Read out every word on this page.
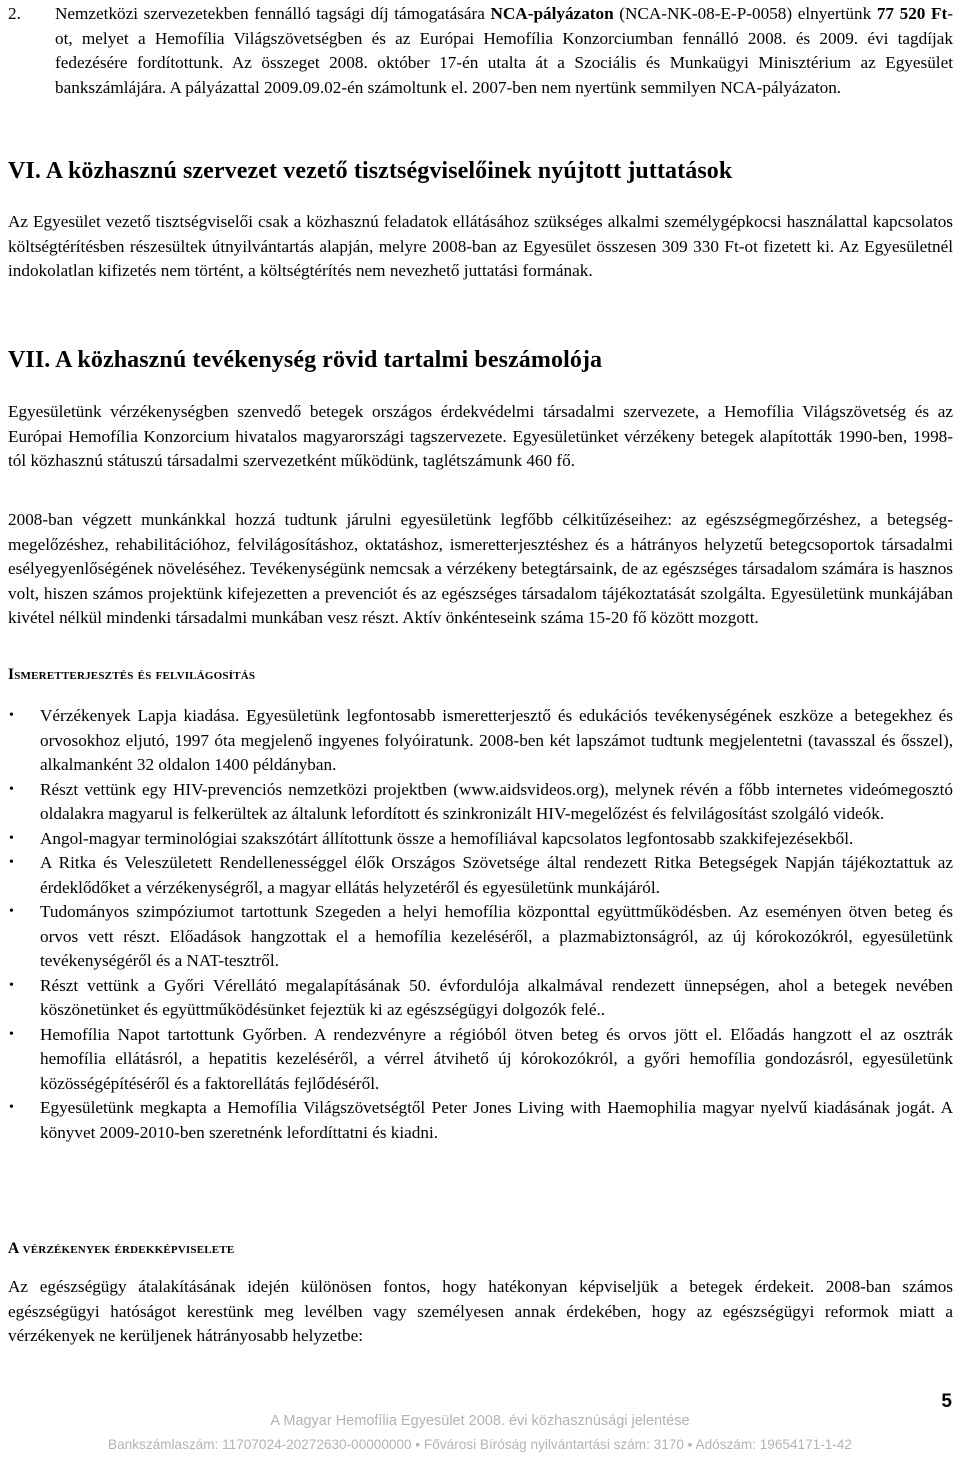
2. Nemzetközi szervezetekben fennálló tagsági díj támogatására NCA-pályázaton (NCA-NK-08-E-P-0058) elnyertünk 77 520 Ft-ot, melyet a Hemofília Világszövetségben és az Európai Hemofília Konzorciumban fennálló 2008. és 2009. évi tagdíjak fedezésére fordítottunk. Az összeget 2008. október 17-én utalta át a Szociális és Munkaügyi Minisztérium az Egyesület bankszámlájára. A pályázattal 2009.09.02-én számoltunk el. 2007-ben nem nyertünk semmilyen NCA-pályázaton.
VI. A közhasznú szervezet vezető tisztségviselőinek nyújtott juttatások

Az Egyesület vezető tisztségviselői csak a közhasznú feladatok ellátásához szükséges alkalmi személygépkocsi használattal kapcsolatos költségtérítésben részesültek útnyilvántartás alapján, melyre 2008-ban az Egyesület összesen 309 330 Ft-ot fizetett ki. Az Egyesületnél indokolatlan kifizetés nem történt, a költségtérítés nem nevezhető juttatási formának.

VII. A közhasznú tevékenység rövid tartalmi beszámolója

Egyesületünk vérzékenységben szenvedő betegek országos érdekvédelmi társadalmi szervezete, a Hemofília Világszövetség és az Európai Hemofília Konzorcium hivatalos magyarországi tagszervezete. Egyesületünket vérzékeny betegek alapították 1990-ben, 1998-tól közhasznú státuszú társadalmi szervezetként működünk, taglétszámunk 460 fő.

2008-ban végzett munkánkkal hozzá tudtunk járulni egyesületünk legfőbb célkitűzéseihez: az egészségmegőrzéshez, a betegség-megelőzéshez, rehabilitációhoz, felvilágosításhoz, oktatáshoz, ismeretterjesztéshez és a hátrányos helyzetű betegcsoportok társadalmi esélyegyenlőségének növeléséhez. Tevékenységünk nemcsak a vérzékeny betegtársaink, de az egészséges társadalom számára is hasznos volt, hiszen számos projektünk kifejezetten a prevenciót és az egészséges társadalom tájékoztatását szolgálta. Egyesületünk munkájában kivétel nélkül mindenki társadalmi munkában vesz részt. Aktív önkénteseink száma 15-20 fő között mozgott.

Ismeretterjesztés és felvilágosítás
• Vérzékenyek Lapja kiadása. Egyesületünk legfontosabb ismeretterjesztő és edukációs tevékenységének eszköze a betegekhez és orvosokhoz eljutó, 1997 óta megjelenő ingyenes folyóiratunk. 2008-ben két lapszámot tudtunk megjelentetni (tavasszal és ősszel), alkalmanként 32 oldalon 1400 példányban.
• Részt vettünk egy HIV-prevenciós nemzetközi projektben (www.aidsvideos.org), melynek révén a főbb internetes videómegosztó oldalakra magyarul is felkerültek az általunk lefordított és szinkronizált HIV-megelőzést és felvilágosítást szolgáló videók.
• Angol-magyar terminológiai szakszótárt állítottunk össze a hemofíliával kapcsolatos legfontosabb szakkifejezésekből.
• A Ritka és Veleszületett Rendellenességgel élők Országos Szövetsége által rendezett Ritka Betegségek Napján tájékoztattuk az érdeklődőket a vérzékenységről, a magyar ellátás helyzetéről és egyesületünk munkájáról.
• Tudományos szimpóziumot tartottunk Szegeden a helyi hemofília központtal együttműködésben. Az eseményen ötven beteg és orvos vett részt. Előadások hangzottak el a hemofília kezeléséről, a plazmabiztonságról, az új kórokozókról, egyesületünk tevékenységéről és a NAT-tesztről.
• Részt vettünk a Győri Vérellátó megalapításának 50. évfordulója alkalmával rendezett ünnepségen, ahol a betegek nevében köszönetünket és együttműködésünket fejeztük ki az egészségügyi dolgozók felé..
• Hemofília Napot tartottunk Győrben. A rendezvényre a régióból ötven beteg és orvos jött el. Előadás hangzott el az osztrák hemofília ellátásról, a hepatitis kezeléséről, a vérrel átvihető új kórokozókról, a győri hemofília gondozásról, egyesületünk közösségépítéséről és a faktorellátás fejlődéséről.
• Egyesületünk megkapta a Hemofília Világszövetségtől Peter Jones Living with Haemophilia magyar nyelvű kiadásának jogát. A könyvet 2009-2010-ben szeretnénk lefordíttatni és kiadni.
A vérzékenyek érdekképviselete

Az egészségügy átalakításának idején különösen fontos, hogy hatékonyan képviseljük a betegek érdekeit. 2008-ban számos egészségügyi hatóságot kerestünk meg levélben vagy személyesen annak érdekében, hogy az egészségügyi reformok miatt a vérzékenyek ne kerüljenek hátrányosabb helyzetbe:

5
A Magyar Hemofília Egyesület 2008. évi közhasznúsági jelentése
Bankszámlaszám: 11707024-20272630-00000000 ▪ Fővárosi Bíróság nyilvántartási szám: 3170 ▪ Adószám: 19654171-1-42
